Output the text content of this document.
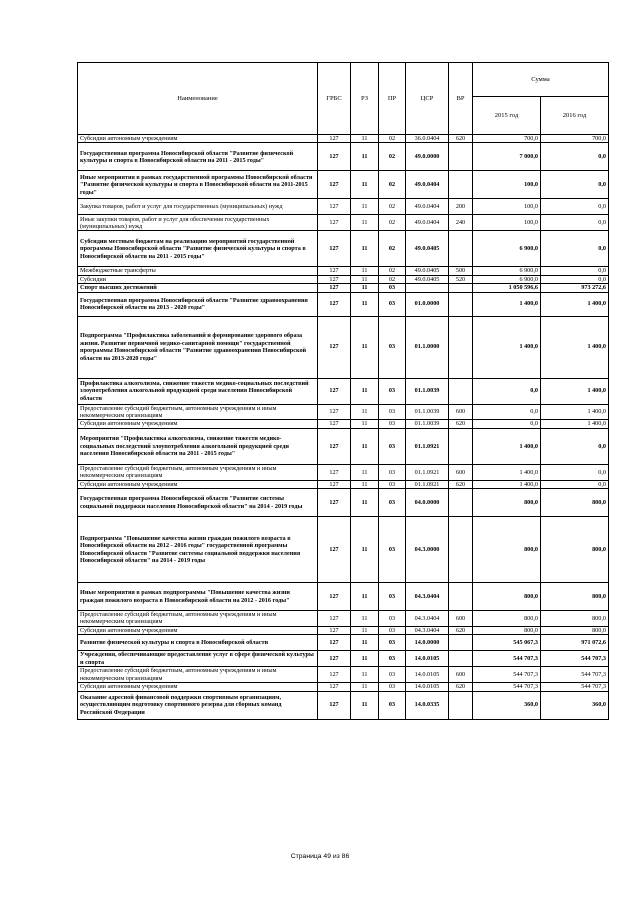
Наименование	ГРБС	РЗ	ПР	ЦСР	ВР	Сумма	
						2015 год	2016 год
Субсидии автономным учреждениям	127	11	02	36.0.0404	620	700,0	700,0
Государственная программа Новосибирской области "Развитие физической культуры и спорта в Новосибирской области на 2011 - 2015 годы"	127	11	02	49.0.0000		7 000,0	0,0
Иные мероприятия в рамках государственной программы Новосибирской области "Развитие физической культуры и спорта в Новосибирской области на 2011-2015 годы"	127	11	02	49.0.0404		100,0	0,0
Закупка товаров, работ и услуг для государственных (муниципальных) нужд	127	11	02	49.0.0404	200	100,0	0,0
Иные закупки товаров, работ и услуг для обеспечения государственных (муниципальных) нужд	127	11	02	49.0.0404	240	100,0	0,0
Субсидии местным бюджетам на реализацию мероприятий государственной программы Новосибирской области "Развитие физической культуры и спорта в Новосибирской области на 2011 - 2015 годы"	127	11	02	49.0.0405		6 900,0	0,0
Межбюджетные трансферты	127	11	02	49.0.0405	500	6 900,0	0,0
Субсидии	127	11	02	49.0.0405	520	6 900,0	0,0
Спорт высших достижений	127	11	03			1 050 596,6	973 272,6
Государственная программа Новосибирской области "Развитие здравоохранения Новосибирской области на 2013 - 2020 годы"	127	11	03	01.0.0000		1 400,0	1 400,0
Подпрограмма "Профилактика заболеваний и формирование здорового образа жизни. Развитие первичной медико-санитарной помощи" государственной программы Новосибирской области "Развитие здравоохранения Новосибирской области на 2013-2020 годы"	127	11	03	01.1.0000		1 400,0	1 400,0
Профилактика алкоголизма, снижение тяжести медико-социальных последствий злоупотребления алкогольной продукцией среди населения Новосибирской области	127	11	03	01.1.0039		0,0	1 400,0
Предоставление субсидий бюджетным, автономным учреждениям и иным некоммерческим организациям	127	11	03	01.1.0039	600	0,0	1 400,0
Субсидии автономным учреждениям	127	11	03	01.1.0039	620	0,0	1 400,0
Мероприятия "Профилактика алкоголизма, снижение тяжести медико-социальных последствий злоупотребления алкогольной продукцией среди населения Новосибирской области на 2011 - 2015 годы"	127	11	03	01.1.0921		1 400,0	0,0
Предоставление субсидий бюджетным, автономным учреждениям и иным некоммерческим организациям	127	11	03	01.1.0921	600	1 400,0	0,0
Субсидии автономным учреждениям	127	11	03	01.1.0921	620	1 400,0	0,0
Государственная программа Новосибирской области "Развитие системы социальной поддержки населения Новосибирской области" на 2014 - 2019 годы	127	11	03	04.0.0000		800,0	800,0
Подпрограмма "Повышение качества жизни граждан пожилого возраста в Новосибирской области на 2012 - 2016 годы" государственной программы Новосибирской области "Развитие системы социальной поддержки населения Новосибирской области" на 2014 - 2019 годы	127	11	03	04.3.0000		800,0	800,0
Иные мероприятия в рамках подпрограммы "Повышение качества жизни граждан пожилого возраста в Новосибирской области на 2012 - 2016 годы"	127	11	03	04.3.0404		800,0	800,0
Предоставление субсидий бюджетным, автономным учреждениям и иным некоммерческим организациям	127	11	03	04.3.0404	600	800,0	800,0
Субсидии автономным учреждениям	127	11	03	04.3.0404	620	800,0	800,0
Развитие физической культуры и спорта в Новосибирской области	127	11	03	14.0.0000		545 067,3	971 072,6
Учреждения, обеспечивающие предоставление услуг в сфере физической культуры и спорта	127	11	03	14.0.0105		544 707,3	544 707,3
Предоставление субсидий бюджетным, автономным учреждениям и иным некоммерческим организациям	127	11	03	14.0.0105	600	544 707,3	544 707,3
Субсидии автономным учреждениям	127	11	03	14.0.0105	620	544 707,3	544 707,3
Оказание адресной финансовой поддержки спортивным организациям, осуществляющим подготовку спортивного резерва для сборных команд Российской Федерации	127	11	03	14.0.0335		360,0	360,0
Страница 49 из 86
